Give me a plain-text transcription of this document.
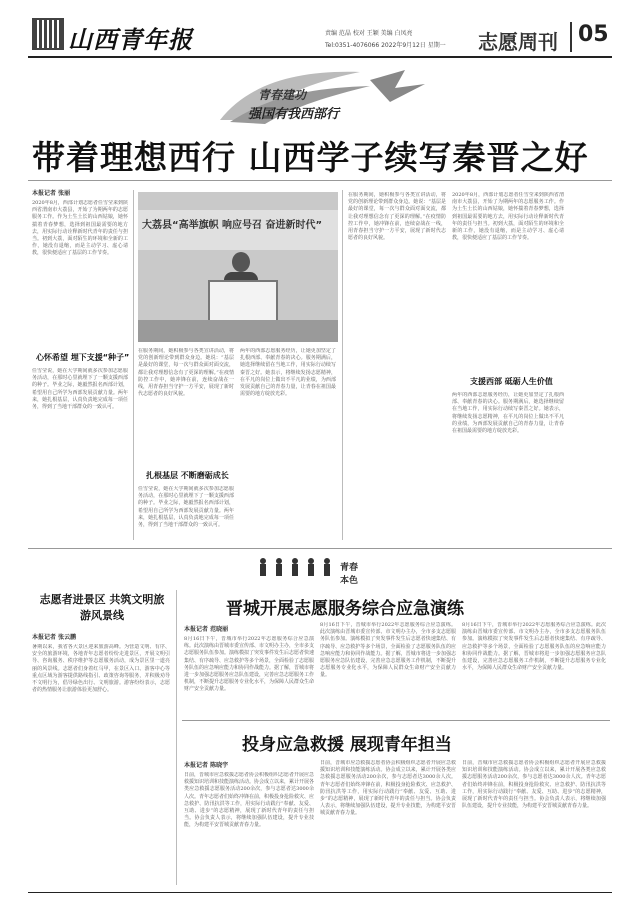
山西青年报	责编 范晶 校对 王颖 美编 白凤亮
Tel:0351-4076066 2022年9月12日 星期一 志愿周刊 05
青春建功
强国有我西部行
带着理想西行 山西学子续写秦晋之好
本报记者 张丽
2020年8月，西部计划志愿者任雪莹来到陕西省渭南市大荔县，开始了为期两年的志愿服务工作。作为土生土长的山西姑娘，她怀揣着青春梦想，选择到祖国最需要的地方去，用实际行动诠释新时代青年的责任与担当。初到大荔，面对陌生的环境和全新的工作，她没有退缩，而是主动学习、虚心请教，很快便适应了基层的工作节奏。
心怀希望 埋下支援“种子”
任雪莹说，她在大学期间就多次参加志愿服务活动，在那时心里就埋下了一颗支援西部的种子。毕业之际，她毅然报名西部计划，希望用自己所学为西部发展贡献力量。两年来，她扎根基层，认真负责地完成每一项任务，得到了当地干部群众的一致认可。
大荔县“高举旗帜 响应号召 奋进新时代”
在服务期间，她积极参与各类宣讲活动，将党的创新理论带到群众身边。她说：“基层是最好的课堂，每一次与群众面对面交流，都让我对理想信念有了更深的理解。”在疫情防控工作中，她冲锋在前，连续奋战在一线，用青春担当守护一方平安，展现了新时代志愿者的良好风貌。
扎根基层 不断磨砺成长
任雪莹说，她在大学期间就多次参加志愿服务活动，在那时心里就埋下了一颗支援西部的种子。毕业之际，她毅然报名西部计划，希望用自己所学为西部发展贡献力量。两年来，她扎根基层，认真负责地完成每一项任务，得到了当地干部群众的一致认可。
两年的西部志愿服务经历，让她更加坚定了扎根西部、奉献青春的决心。服务期满后，她选择继续留在当地工作，用实际行动续写秦晋之好。她表示，将继续发扬志愿精神，在平凡的岗位上做出不平凡的业绩，为西部发展贡献自己的青春力量，让青春在祖国最需要的地方绽放光彩。
在服务期间，她积极参与各类宣讲活动，将党的创新理论带到群众身边。她说：“基层是最好的课堂，每一次与群众面对面交流，都让我对理想信念有了更深的理解。”在疫情防控工作中，她冲锋在前，连续奋战在一线，用青春担当守护一方平安，展现了新时代志愿者的良好风貌。
2020年8月，西部计划志愿者任雪莹来到陕西省渭南市大荔县，开始了为期两年的志愿服务工作。作为土生土长的山西姑娘，她怀揣着青春梦想，选择到祖国最需要的地方去，用实际行动诠释新时代青年的责任与担当。初到大荔，面对陌生的环境和全新的工作，她没有退缩，而是主动学习、虚心请教，很快便适应了基层的工作节奏。
支援西部 砥砺人生价值
两年的西部志愿服务经历，让她更加坚定了扎根西部、奉献青春的决心。服务期满后，她选择继续留在当地工作，用实际行动续写秦晋之好。她表示，将继续发扬志愿精神，在平凡的岗位上做出不平凡的业绩，为西部发展贡献自己的青春力量，让青春在祖国最需要的地方绽放光彩。
青春 本色
志愿者进景区 共筑文明旅游风景线
本报记者 张云鹏
暑期以来，我省各大景区迎来旅游高峰。为营造文明、有序、安全的旅游环境，各地青年志愿者纷纷走进景区，开展文明引导、咨询服务、秩序维护等志愿服务活动，成为景区里一道亮丽的风景线。志愿者们身着红马甲，在景区入口、游客中心等重点区域为游客提供路线指引、政策咨询等服务，并积极劝导不文明行为，倡导绿色出行、文明旅游。游客纷纷表示，志愿者的热情服务让旅游体验更加舒心。
晋城开展志愿服务综合应急演练
本报记者 范晓丽
8月16日下午，晋城市举行2022年志愿服务综合应急演练。此次演练由晋城市委宣传部、市文明办主办，全市多支志愿服务队伍参加。演练模拟了突发事件发生后志愿者快速集结、有序疏导、应急救护等多个场景，全面检验了志愿服务队伍的应急响应能力和协同作战能力。据了解，晋城市将进一步加强志愿服务应急队伍建设，完善应急志愿服务工作机制，不断提升志愿服务专业化水平，为保障人民群众生命财产安全贡献力量。
8月16日下午，晋城市举行2022年志愿服务综合应急演练。此次演练由晋城市委宣传部、市文明办主办，全市多支志愿服务队伍参加。演练模拟了突发事件发生后志愿者快速集结、有序疏导、应急救护等多个场景，全面检验了志愿服务队伍的应急响应能力和协同作战能力。据了解，晋城市将进一步加强志愿服务应急队伍建设，完善应急志愿服务工作机制，不断提升志愿服务专业化水平，为保障人民群众生命财产安全贡献力量。
8月16日下午，晋城市举行2022年志愿服务综合应急演练。此次演练由晋城市委宣传部、市文明办主办，全市多支志愿服务队伍参加。演练模拟了突发事件发生后志愿者快速集结、有序疏导、应急救护等多个场景，全面检验了志愿服务队伍的应急响应能力和协同作战能力。据了解，晋城市将进一步加强志愿服务应急队伍建设，完善应急志愿服务工作机制，不断提升志愿服务专业化水平，为保障人民群众生命财产安全贡献力量。
投身应急救援 展现青年担当
本报记者 陈晓宇
日前，晋城市应急救援志愿者协会积极组织志愿者开展应急救援知识培训和技能演练活动。协会成立以来，累计开展各类应急救援志愿服务活动200余次，参与志愿者达3000余人次。青年志愿者们始终冲锋在前，积极投身抢险救灾、应急救护、防汛抗洪等工作，用实际行动践行“奉献、友爱、互助、进步”的志愿精神，展现了新时代青年的责任与担当。协会负责人表示，将继续加强队伍建设，提升专业技能，为构建平安晋城贡献青春力量。
日前，晋城市应急救援志愿者协会积极组织志愿者开展应急救援知识培训和技能演练活动。协会成立以来，累计开展各类应急救援志愿服务活动200余次，参与志愿者达3000余人次。青年志愿者们始终冲锋在前，积极投身抢险救灾、应急救护、防汛抗洪等工作，用实际行动践行“奉献、友爱、互助、进步”的志愿精神，展现了新时代青年的责任与担当。协会负责人表示，将继续加强队伍建设，提升专业技能，为构建平安晋城贡献青春力量。
日前，晋城市应急救援志愿者协会积极组织志愿者开展应急救援知识培训和技能演练活动。协会成立以来，累计开展各类应急救援志愿服务活动200余次，参与志愿者达3000余人次。青年志愿者们始终冲锋在前，积极投身抢险救灾、应急救护、防汛抗洪等工作，用实际行动践行“奉献、友爱、互助、进步”的志愿精神，展现了新时代青年的责任与担当。协会负责人表示，将继续加强队伍建设，提升专业技能，为构建平安晋城贡献青春力量。
